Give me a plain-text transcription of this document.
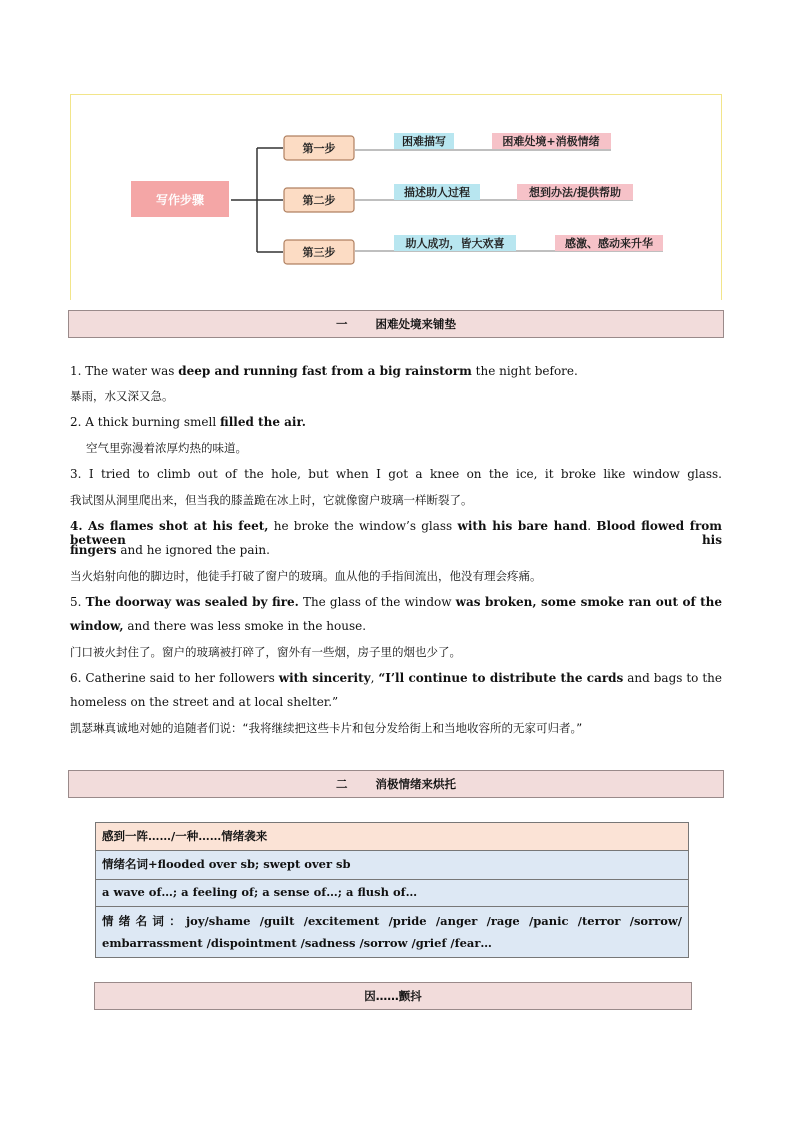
写作步骤
第一步
第二步
第三步
困难描写	困难处境+消极情绪
描述助人过程	想到办法/提供帮助
助人成功，皆大欢喜	感激、感动来升华
一 困难处境来铺垫
1. The water was deep and running fast from a big rainstorm the night before.
暴雨，水又深又急。
2. A thick burning smell filled the air.
空气里弥漫着浓厚灼热的味道。
3. I tried to climb out of the hole, but when I got a knee on the ice, it broke like window glass.
我试图从洞里爬出来，但当我的膝盖跪在冰上时，它就像窗户玻璃一样断裂了。
4. As flames shot at his feet, he broke the window’s glass with his bare hand. Blood flowed from between his
fingers and he ignored the pain.
当火焰射向他的脚边时，他徒手打破了窗户的玻璃。血从他的手指间流出，他没有理会疼痛。
5. The doorway was sealed by fire. The glass of the window was broken, some smoke ran out of the
window, and there was less smoke in the house.
门口被火封住了。窗户的玻璃被打碎了，窗外有一些烟，房子里的烟也少了。
6. Catherine said to her followers with sincerity, “I’ll continue to distribute the cards and bags to the
homeless on the street and at local shelter.”
凯瑟琳真诚地对她的追随者们说：“我将继续把这些卡片和包分发给街上和当地收容所的无家可归者。”
二 消极情绪来烘托
感到一阵……/一种……情绪袭来
情绪名词+flooded over sb; swept over sb
a wave of…; a feeling of; a sense of…; a flush of…
情绪名词：joy/shame /guilt /excitement /pride /anger /rage /panic /terror /sorrow/
embarrassment /dispointment /sadness /sorrow /grief /fear…
因……颤抖
